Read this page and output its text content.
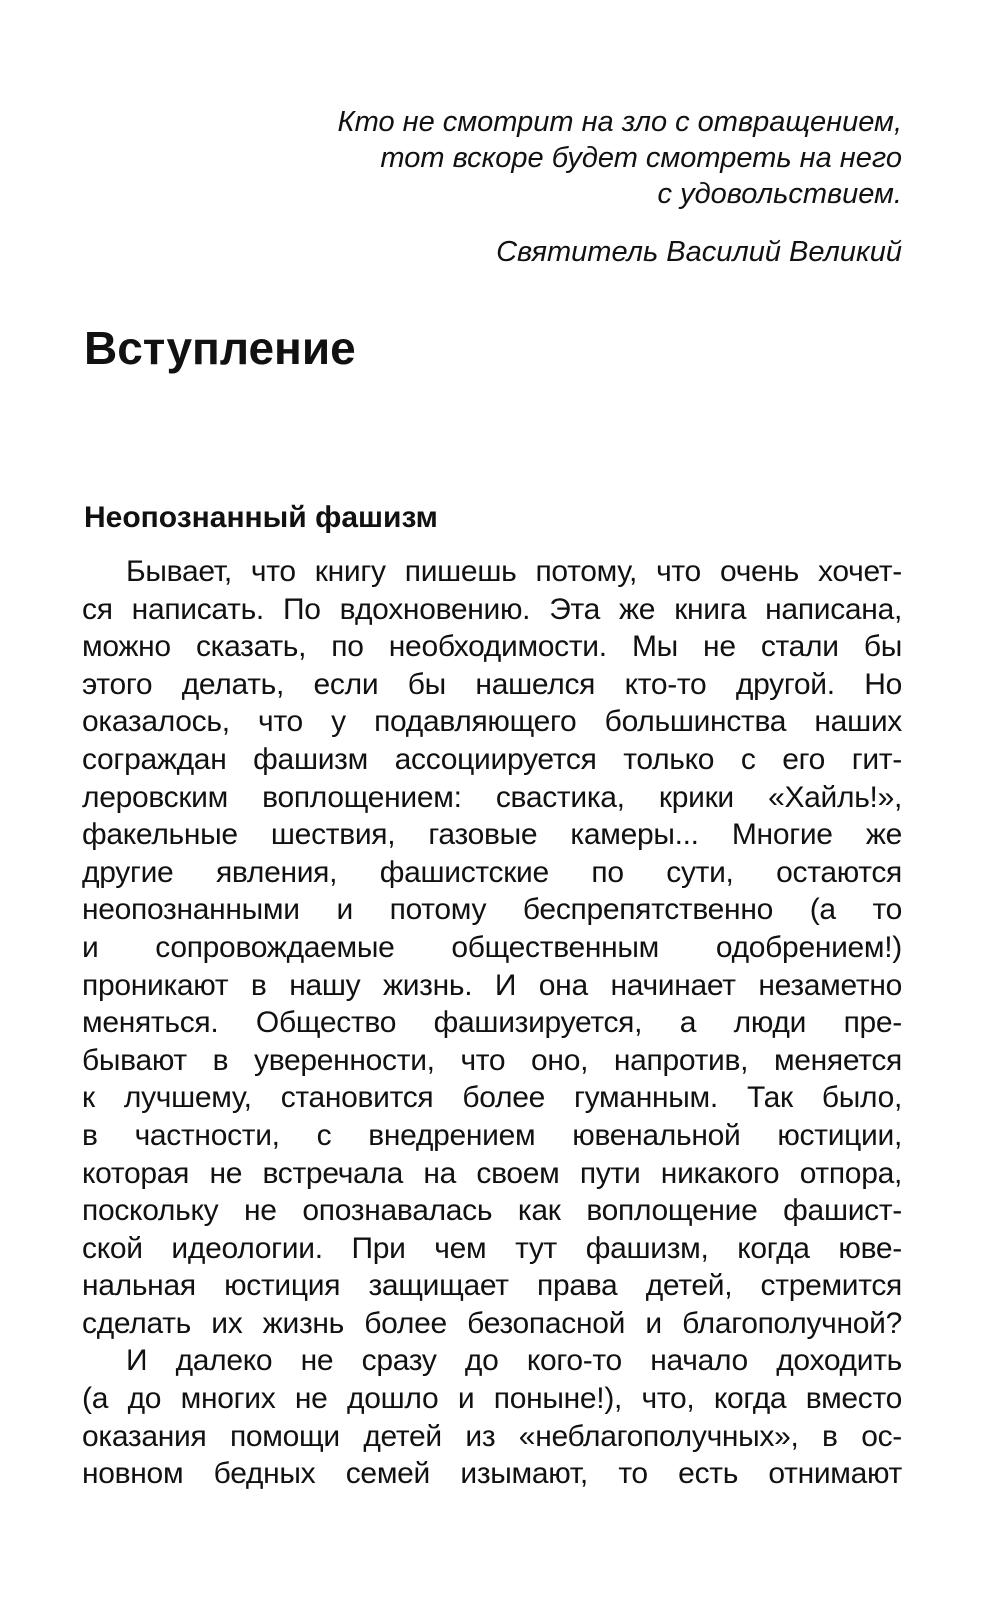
Кто не смотрит на зло с отвращением,
тот вскоре будет смотреть на него
с удовольствием.
Святитель Василий Великий
Вступление
Неопознанный фашизм
Бывает, что книгу пишешь потому, что очень хочет-
ся написать. По вдохновению. Эта же книга написана,
можно сказать, по необходимости. Мы не стали бы
этого делать, если бы нашелся кто-то другой. Но
оказалось, что у подавляющего большинства наших
сограждан фашизм ассоциируется только с его гит-
леровским воплощением: свастика, крики «Хайль!»,
факельные шествия, газовые камеры... Многие же
другие явления, фашистские по сути, остаются
неопознанными и потому беспрепятственно (а то
и сопровождаемые общественным одобрением!)
проникают в нашу жизнь. И она начинает незаметно
меняться. Общество фашизируется, а люди пре-
бывают в уверенности, что оно, напротив, меняется
к лучшему, становится более гуманным. Так было,
в частности, с внедрением ювенальной юстиции,
которая не встречала на своем пути никакого отпора,
поскольку не опознавалась как воплощение фашист-
ской идеологии. При чем тут фашизм, когда юве-
нальная юстиция защищает права детей, стремится
сделать их жизнь более безопасной и благополучной?
И далеко не сразу до кого-то начало доходить
(а до многих не дошло и поныне!), что, когда вместо
оказания помощи детей из «неблагополучных», в ос-
новном бедных семей изымают, то есть отнимают
